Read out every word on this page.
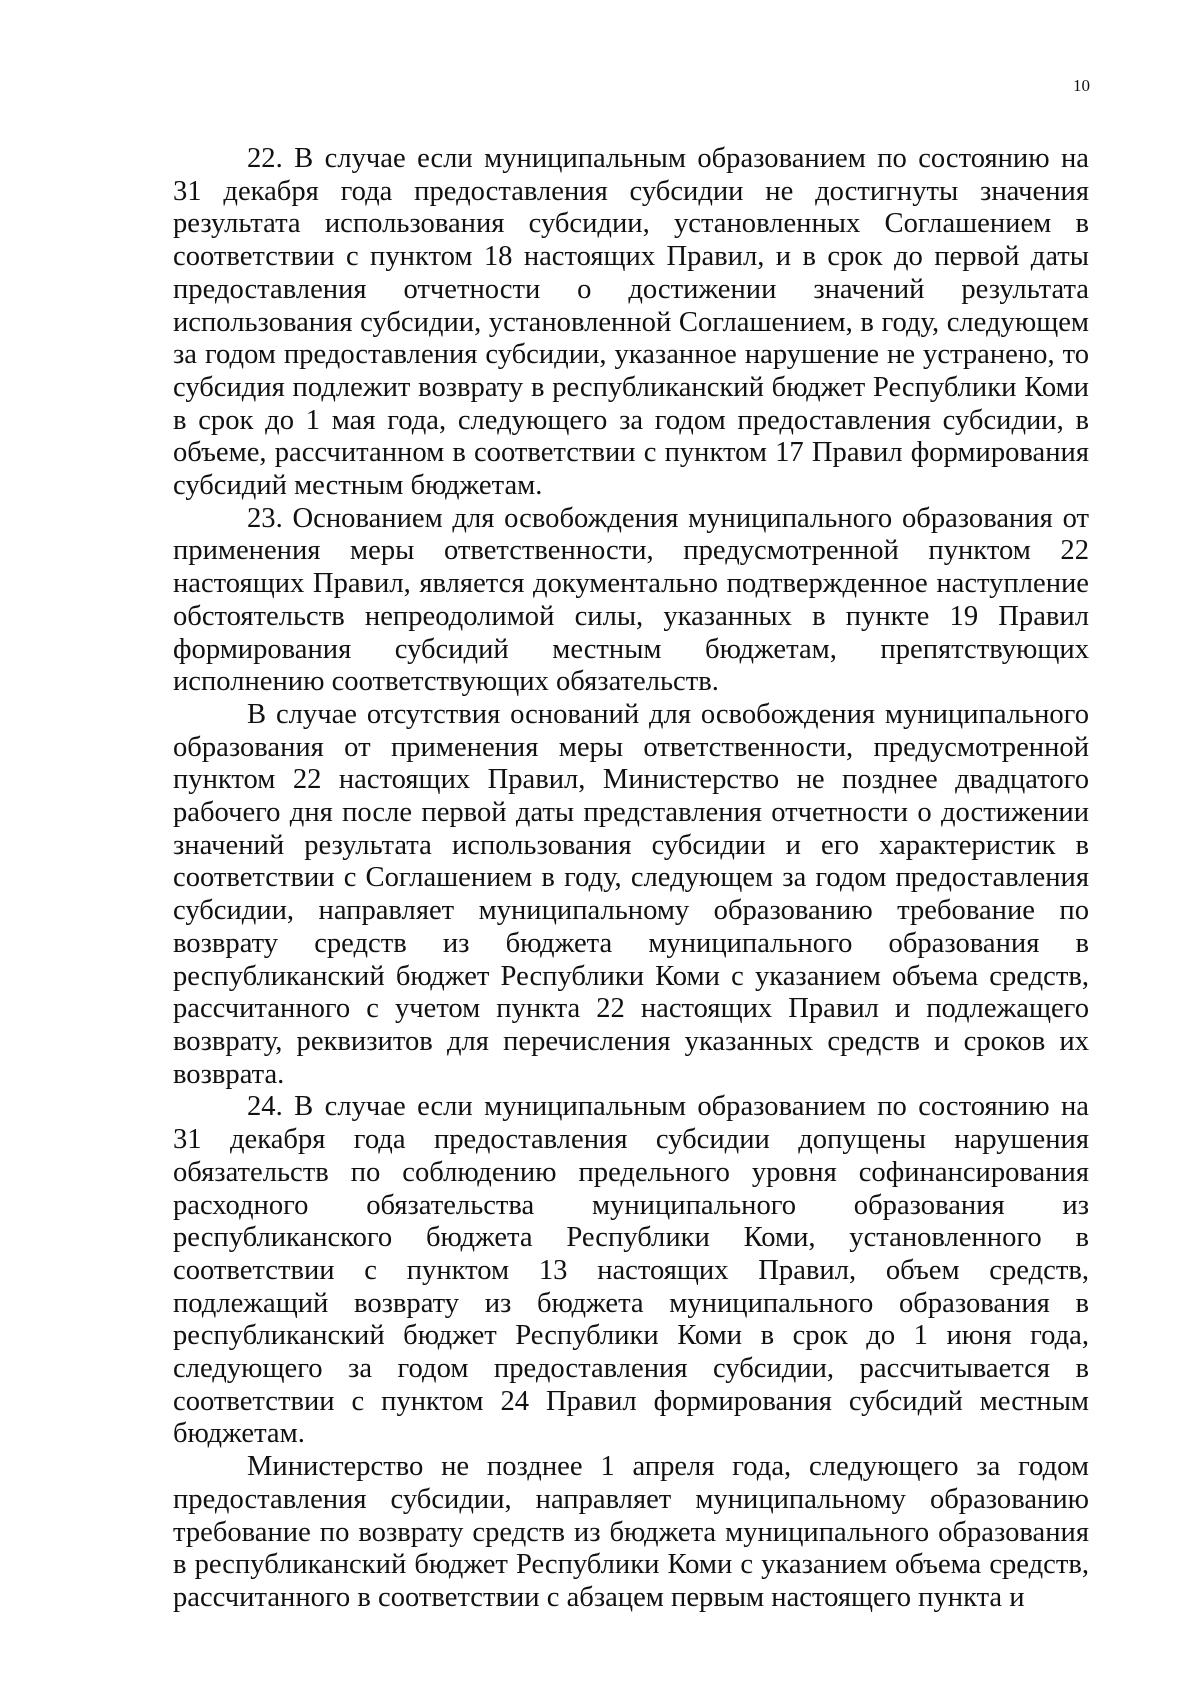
10

22. В случае если муниципальным образованием по состоянию на 31 декабря года предоставления субсидии не достигнуты значения результата использования субсидии, установленных Соглашением в соответствии с пунктом 18 настоящих Правил, и в срок до первой даты предоставления отчетности о достижении значений результата использования субсидии, установленной Соглашением, в году, следующем за годом предоставления субсидии, указанное нарушение не устранено, то субсидия подлежит возврату в республиканский бюджет Республики Коми в срок до 1 мая года, следующего за годом предоставления субсидии, в объеме, рассчитанном в соответствии с пунктом 17 Правил формирования субсидий местным бюджетам.

23. Основанием для освобождения муниципального образования от применения меры ответственности, предусмотренной пунктом 22 настоящих Правил, является документально подтвержденное наступление обстоятельств непреодолимой силы, указанных в пункте 19 Правил формирования субсидий местным бюджетам, препятствующих исполнению соответствующих обязательств.

В случае отсутствия оснований для освобождения муниципального образования от применения меры ответственности, предусмотренной пунктом 22 настоящих Правил, Министерство не позднее двадцатого рабочего дня после первой даты представления отчетности о достижении значений результата использования субсидии и его характеристик в соответствии с Соглашением в году, следующем за годом предоставления субсидии, направляет муниципальному образованию требование по возврату средств из бюджета муниципального образования в республиканский бюджет Республики Коми с указанием объема средств, рассчитанного с учетом пункта 22 настоящих Правил и подлежащего возврату, реквизитов для перечисления указанных средств и сроков их возврата.

24. В случае если муниципальным образованием по состоянию на 31 декабря года предоставления субсидии допущены нарушения обязательств по соблюдению предельного уровня софинансирования расходного обязательства муниципального образования из республиканского бюджета Республики Коми, установленного в соответствии с пунктом 13 настоящих Правил, объем средств, подлежащий возврату из бюджета муниципального образования в республиканский бюджет Республики Коми в срок до 1 июня года, следующего за годом предоставления субсидии, рассчитывается в соответствии с пунктом 24 Правил формирования субсидий местным бюджетам.

Министерство не позднее 1 апреля года, следующего за годом предоставления субсидии, направляет муниципальному образованию требование по возврату средств из бюджета муниципального образования в республиканский бюджет Республики Коми с указанием объема средств, рассчитанного в соответствии с абзацем первым настоящего пункта и
